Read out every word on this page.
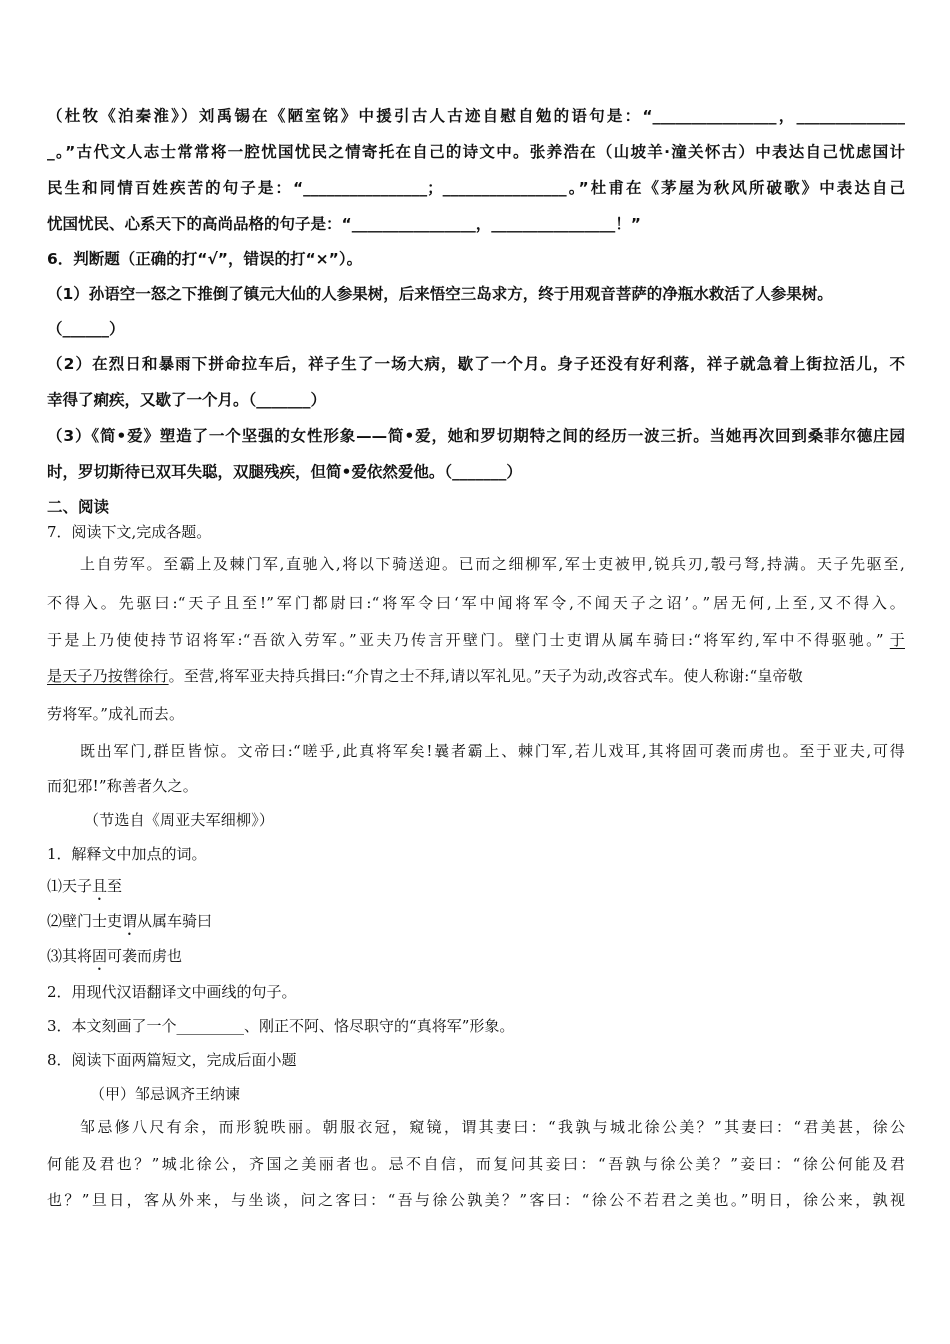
（杜牧《泊秦淮》）刘禹锡在《陋室铭》中援引古人古迹自慰自勉的语句是：“________________，______________
_。”古代文人志士常常将一腔忧国忧民之情寄托在自己的诗文中。张养浩在（山坡羊·潼关怀古）中表达自己忧虑国计
民生和同情百姓疾苦的句子是：“________________；________________。”杜甫在《茅屋为秋风所破歌》中表达自己
忧国忧民、心系天下的高尚品格的句子是：“________________，________________！”
6．判断题（正确的打“√”，错误的打“×”）。
（1）孙语空一怒之下推倒了镇元大仙的人参果树，后来悟空三岛求方，终于用观音菩萨的净瓶水救活了人参果树。
（______）
（2）在烈日和暴雨下拼命拉车后，祥子生了一场大病，歇了一个月。身子还没有好利落，祥子就急着上街拉活儿，不
幸得了痢疾，又歇了一个月。（_______）
（3）《简•爱》塑造了一个坚强的女性形象——简•爱，她和罗切期特之间的经历一波三折。当她再次回到桑菲尔德庄园
时，罗切斯待已双耳失聪，双腿残疾，但简•爱依然爱他。（_______）
二、阅读
7．阅读下文,完成各题。
上自劳军。至霸上及棘门军,直驰入,将以下骑送迎。已而之细柳军,军士吏被甲,锐兵刃,彀弓弩,持满。天子先驱至,
不得入。先驱曰:“天子且至!”军门都尉曰:“将军令曰‘军中闻将军令,不闻天子之诏’。”居无何,上至,又不得入。
于是上乃使使持节诏将军:“吾欲入劳军。”亚夫乃传言开壁门。壁门士吏谓从属车骑曰:“将军约,军中不得驱驰。” 于
是天子乃按辔徐行。至营,将军亚夫持兵揖曰:“介胄之士不拜,请以军礼见。”天子为动,改容式车。使人称谢:“皇帝敬
劳将军。”成礼而去。
既出军门,群臣皆惊。文帝曰:“嗟乎,此真将军矣!曩者霸上、棘门军,若儿戏耳,其将固可袭而虏也。至于亚夫,可得
而犯邪!”称善者久之。
（节选自《周亚夫军细柳》）
1．解释文中加点的词。
⑴天子且至
⑵壁门士吏谓从属车骑曰
⑶其将固可袭而虏也
2．用现代汉语翻译文中画线的句子。
3．本文刻画了一个_________、刚正不阿、恪尽职守的“真将军”形象。
8．阅读下面两篇短文，完成后面小题
（甲）邹忌讽齐王纳谏
邹忌修八尺有余，而形貌昳丽。朝服衣冠，窥镜，谓其妻曰：“我孰与城北徐公美？”其妻曰：“君美甚，徐公
何能及君也？”城北徐公，齐国之美丽者也。忌不自信，而复问其妾曰：“吾孰与徐公美？”妾曰：“徐公何能及君
也？”旦日，客从外来，与坐谈，问之客曰：“吾与徐公孰美？”客曰：“徐公不若君之美也。”明日，徐公来，孰视
